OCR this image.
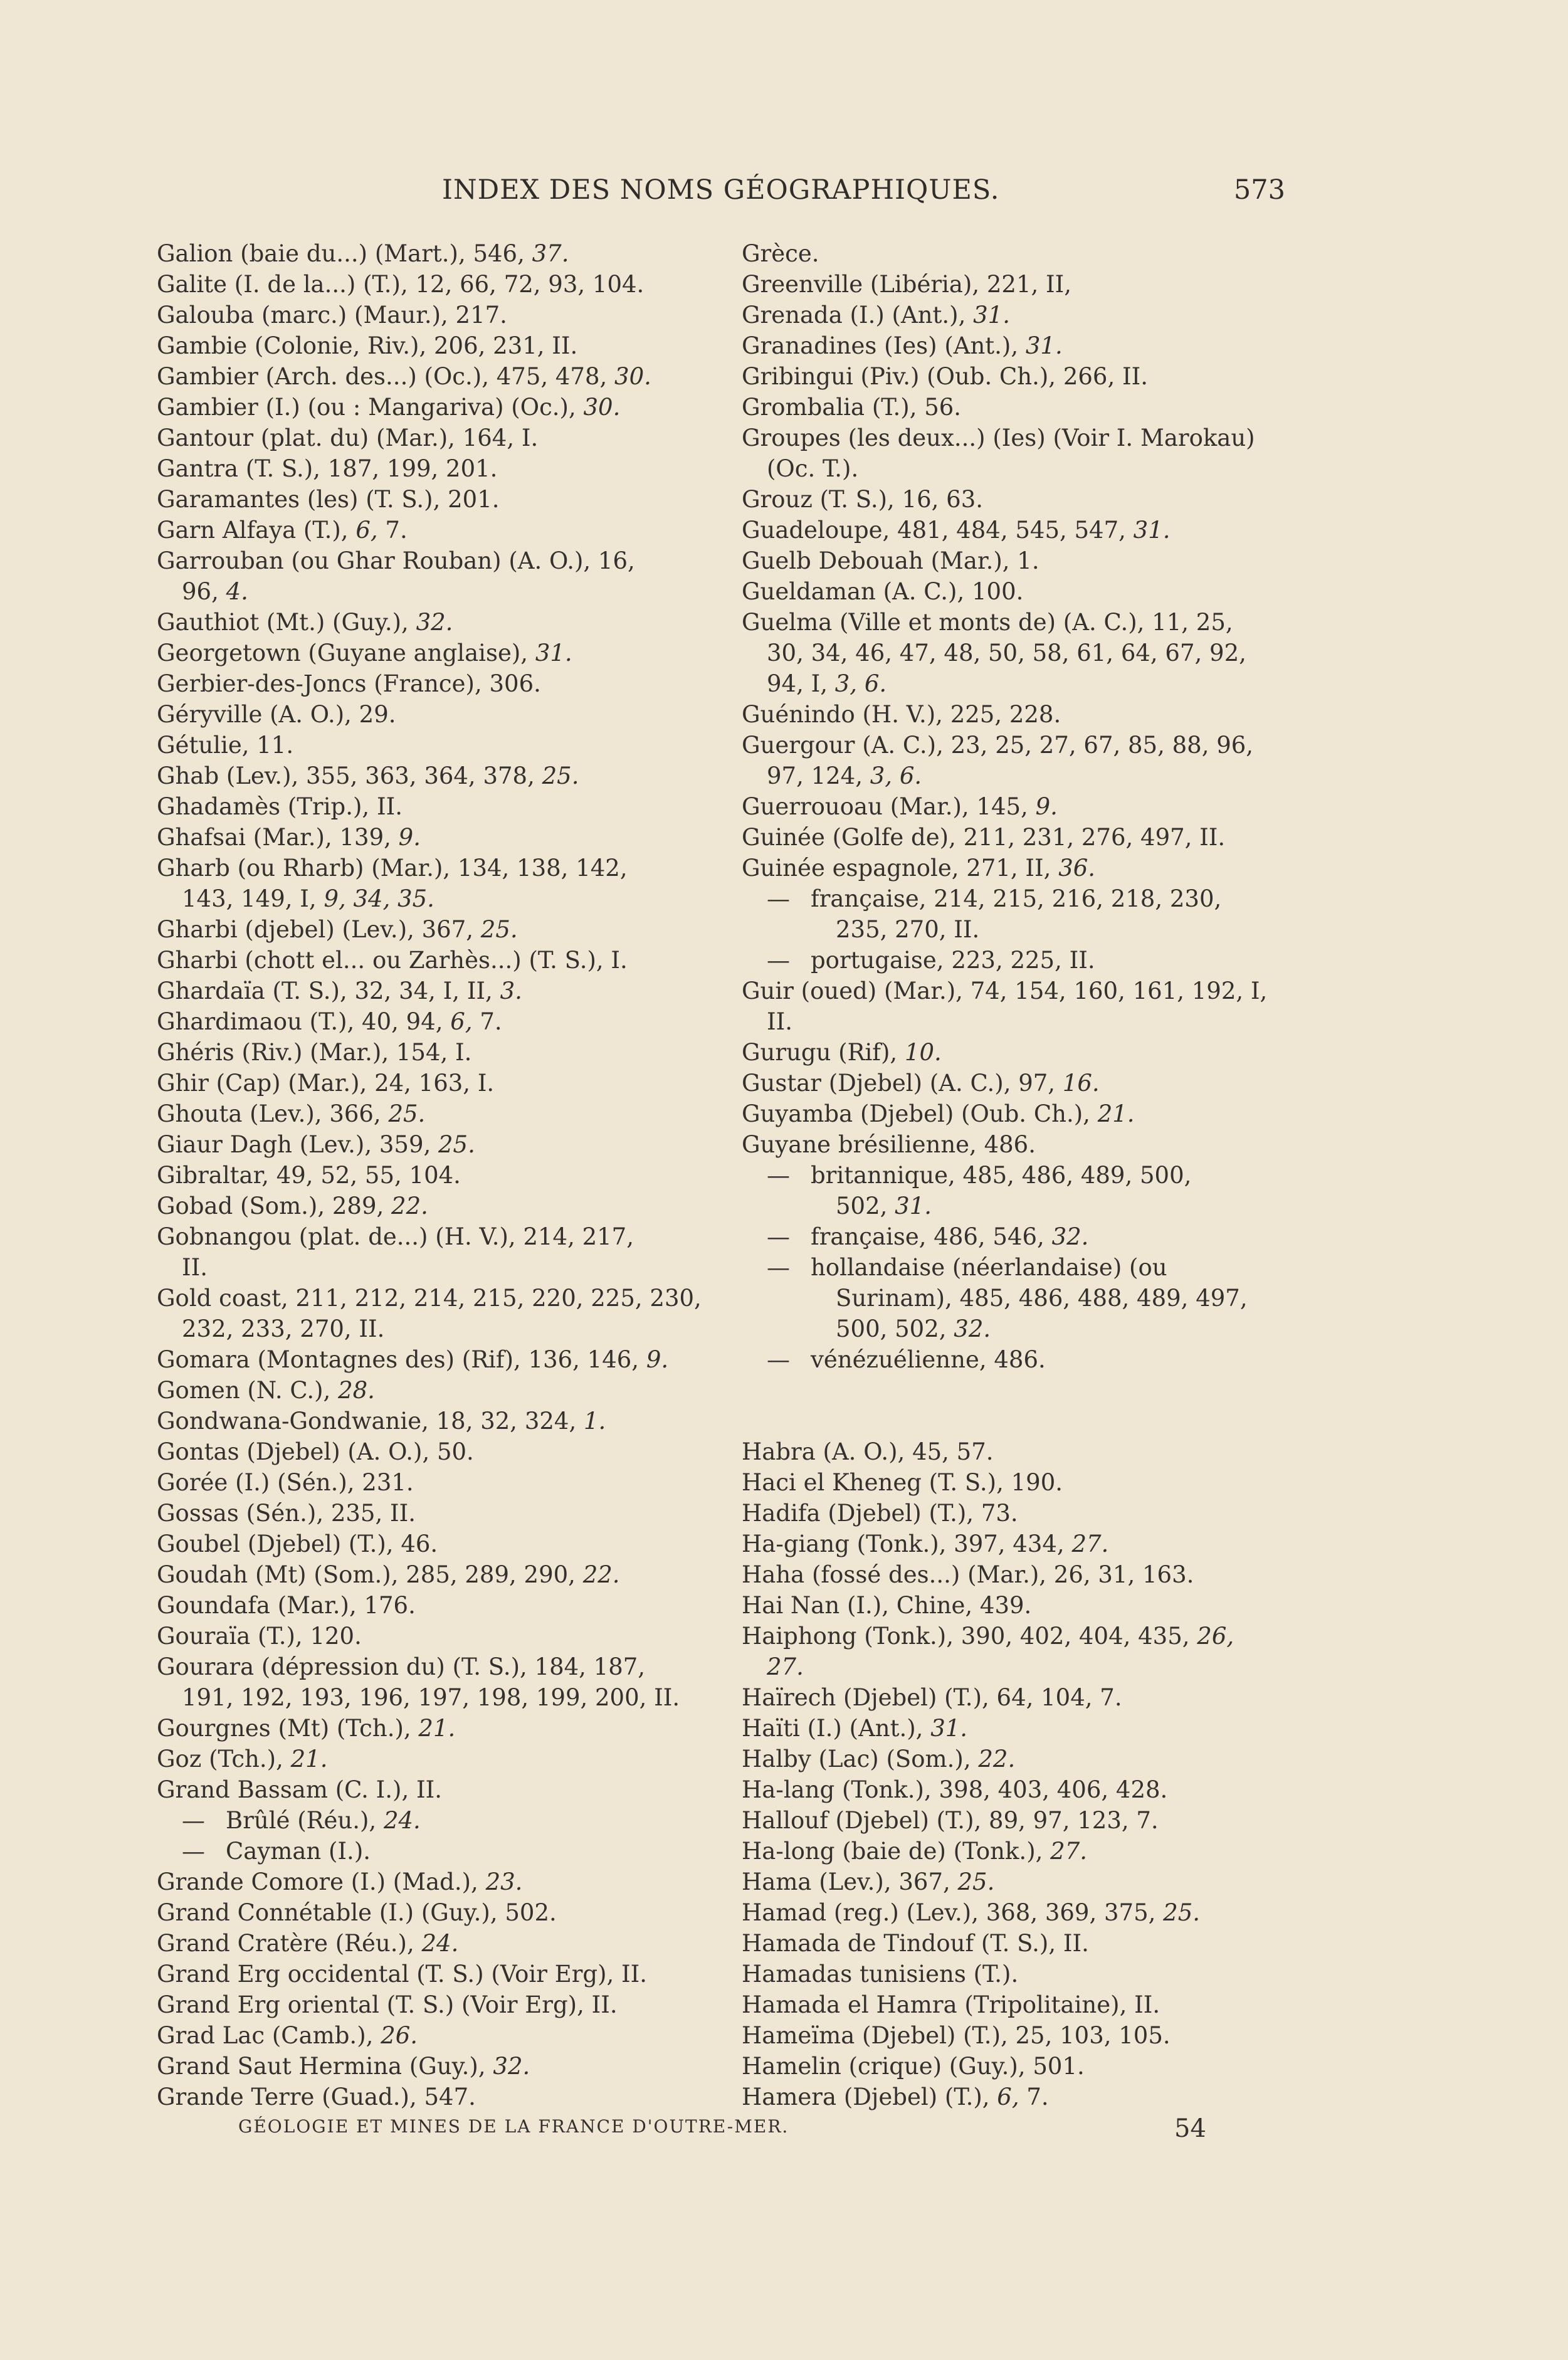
INDEX DES NOMS GÉOGRAPHIQUES.	573
Galion (baie du...) (Mart.), 546, 37.
Galite (I. de la...) (T.), 12, 66, 72, 93, 104.
Galouba (marc.) (Maur.), 217.
Gambie (Colonie, Riv.), 206, 231, II.
Gambier (Arch. des...) (Oc.), 475, 478, 30.
Gambier (I.) (ou : Mangariva) (Oc.), 30.
Gantour (plat. du) (Mar.), 164, I.
Gantra (T. S.), 187, 199, 201.
Garamantes (les) (T. S.), 201.
Garn Alfaya (T.), 6, 7.
Garrouban (ou Ghar Rouban) (A. O.), 16,
96, 4.
Gauthiot (Mt.) (Guy.), 32.
Georgetown (Guyane anglaise), 31.
Gerbier-des-Joncs (France), 306.
Géryville (A. O.), 29.
Gétulie, 11.
Ghab (Lev.), 355, 363, 364, 378, 25.
Ghadamès (Trip.), II.
Ghafsai (Mar.), 139, 9.
Gharb (ou Rharb) (Mar.), 134, 138, 142,
143, 149, I, 9, 34, 35.
Gharbi (djebel) (Lev.), 367, 25.
Gharbi (chott el... ou Zarhès...) (T. S.), I.
Ghardaïa (T. S.), 32, 34, I, II, 3.
Ghardimaou (T.), 40, 94, 6, 7.
Ghéris (Riv.) (Mar.), 154, I.
Ghir (Cap) (Mar.), 24, 163, I.
Ghouta (Lev.), 366, 25.
Giaur Dagh (Lev.), 359, 25.
Gibraltar, 49, 52, 55, 104.
Gobad (Som.), 289, 22.
Gobnangou (plat. de...) (H. V.), 214, 217,
II.
Gold coast, 211, 212, 214, 215, 220, 225, 230,
232, 233, 270, II.
Gomara (Montagnes des) (Rif), 136, 146, 9.
Gomen (N. C.), 28.
Gondwana-Gondwanie, 18, 32, 324, 1.
Gontas (Djebel) (A. O.), 50.
Gorée (I.) (Sén.), 231.
Gossas (Sén.), 235, II.
Goubel (Djebel) (T.), 46.
Goudah (Mt) (Som.), 285, 289, 290, 22.
Goundafa (Mar.), 176.
Gouraïa (T.), 120.
Gourara (dépression du) (T. S.), 184, 187,
191, 192, 193, 196, 197, 198, 199, 200, II.
Gourgnes (Mt) (Tch.), 21.
Goz (Tch.), 21.
Grand Bassam (C. I.), II.
— Brûlé (Réu.), 24.
— Cayman (I.).
Grande Comore (I.) (Mad.), 23.
Grand Connétable (I.) (Guy.), 502.
Grand Cratère (Réu.), 24.
Grand Erg occidental (T. S.) (Voir Erg), II.
Grand Erg oriental (T. S.) (Voir Erg), II.
Grad Lac (Camb.), 26.
Grand Saut Hermina (Guy.), 32.
Grande Terre (Guad.), 547.
Grèce.
Greenville (Libéria), 221, II,
Grenada (I.) (Ant.), 31.
Granadines (Ies) (Ant.), 31.
Gribingui (Piv.) (Oub. Ch.), 266, II.
Grombalia (T.), 56.
Groupes (les deux...) (Ies) (Voir I. Marokau)
(Oc. T.).
Grouz (T. S.), 16, 63.
Guadeloupe, 481, 484, 545, 547, 31.
Guelb Debouah (Mar.), 1.
Gueldaman (A. C.), 100.
Guelma (Ville et monts de) (A. C.), 11, 25,
30, 34, 46, 47, 48, 50, 58, 61, 64, 67, 92,
94, I, 3, 6.
Guénindo (H. V.), 225, 228.
Guergour (A. C.), 23, 25, 27, 67, 85, 88, 96,
97, 124, 3, 6.
Guerrouoau (Mar.), 145, 9.
Guinée (Golfe de), 211, 231, 276, 497, II.
Guinée espagnole, 271, II, 36.
— française, 214, 215, 216, 218, 230,
235, 270, II.
— portugaise, 223, 225, II.
Guir (oued) (Mar.), 74, 154, 160, 161, 192, I,
II.
Gurugu (Rif), 10.
Gustar (Djebel) (A. C.), 97, 16.
Guyamba (Djebel) (Oub. Ch.), 21.
Guyane brésilienne, 486.
— britannique, 485, 486, 489, 500,
502, 31.
— française, 486, 546, 32.
— hollandaise (néerlandaise) (ou
Surinam), 485, 486, 488, 489, 497,
500, 502, 32.
— vénézuélienne, 486.
Habra (A. O.), 45, 57.
Haci el Kheneg (T. S.), 190.
Hadifa (Djebel) (T.), 73.
Ha-giang (Tonk.), 397, 434, 27.
Haha (fossé des...) (Mar.), 26, 31, 163.
Hai Nan (I.), Chine, 439.
Haiphong (Tonk.), 390, 402, 404, 435, 26,
27.
Haïrech (Djebel) (T.), 64, 104, 7.
Haïti (I.) (Ant.), 31.
Halby (Lac) (Som.), 22.
Ha-lang (Tonk.), 398, 403, 406, 428.
Hallouf (Djebel) (T.), 89, 97, 123, 7.
Ha-long (baie de) (Tonk.), 27.
Hama (Lev.), 367, 25.
Hamad (reg.) (Lev.), 368, 369, 375, 25.
Hamada de Tindouf (T. S.), II.
Hamadas tunisiens (T.).
Hamada el Hamra (Tripolitaine), II.
Hameïma (Djebel) (T.), 25, 103, 105.
Hamelin (crique) (Guy.), 501.
Hamera (Djebel) (T.), 6, 7.
GÉOLOGIE ET MINES DE LA FRANCE D'OUTRE-MER.	54
